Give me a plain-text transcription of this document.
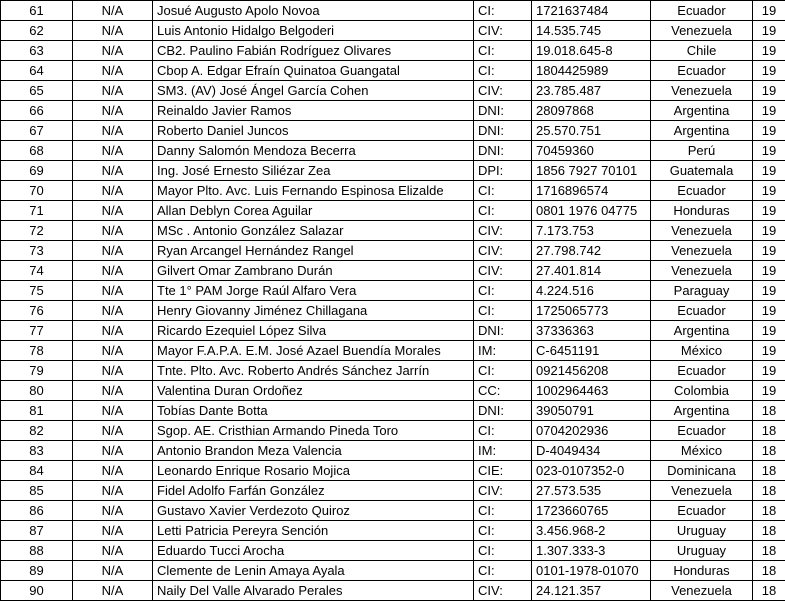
61	N/A	Josué Augusto Apolo Novoa	CI:	1721637484	Ecuador	19
62	N/A	Luis Antonio Hidalgo Belgoderi	CIV:	14.535.745	Venezuela	19
63	N/A	CB2. Paulino Fabián Rodríguez Olivares	CI:	19.018.645-8	Chile	19
64	N/A	Cbop A. Edgar Efraín Quinatoa Guangatal	CI:	1804425989	Ecuador	19
65	N/A	SM3. (AV) José Ángel García Cohen	CIV:	23.785.487	Venezuela	19
66	N/A	Reinaldo Javier Ramos	DNI:	28097868	Argentina	19
67	N/A	Roberto Daniel Juncos	DNI:	25.570.751	Argentina	19
68	N/A	Danny Salomón Mendoza Becerra	DNI:	70459360	Perú	19
69	N/A	Ing. José Ernesto Siliézar Zea	DPI:	1856 7927 70101	Guatemala	19
70	N/A	Mayor Plto. Avc. Luis Fernando Espinosa Elizalde	CI:	1716896574	Ecuador	19
71	N/A	Allan Deblyn Corea Aguilar	CI:	0801 1976 04775	Honduras	19
72	N/A	MSc . Antonio González Salazar	CIV:	7.173.753	Venezuela	19
73	N/A	Ryan Arcangel Hernández Rangel	CIV:	27.798.742	Venezuela	19
74	N/A	Gilvert Omar Zambrano Durán	CIV:	27.401.814	Venezuela	19
75	N/A	Tte 1° PAM Jorge Raúl Alfaro Vera	CI:	4.224.516	Paraguay	19
76	N/A	Henry Giovanny Jiménez Chillagana	CI:	1725065773	Ecuador	19
77	N/A	Ricardo Ezequiel López Silva	DNI:	37336363	Argentina	19
78	N/A	Mayor F.A.P.A. E.M. José Azael Buendía Morales	IM:	C-6451191	México	19
79	N/A	Tnte. Plto. Avc. Roberto Andrés Sánchez Jarrín	CI:	0921456208	Ecuador	19
80	N/A	Valentina Duran Ordoñez	CC:	1002964463	Colombia	19
81	N/A	Tobías Dante Botta	DNI:	39050791	Argentina	18
82	N/A	Sgop. AE. Cristhian Armando Pineda Toro	CI:	0704202936	Ecuador	18
83	N/A	Antonio Brandon Meza Valencia	IM:	D-4049434	México	18
84	N/A	Leonardo Enrique Rosario Mojica	CIE:	023-0107352-0	Dominicana	18
85	N/A	Fidel Adolfo Farfán González	CIV:	27.573.535	Venezuela	18
86	N/A	Gustavo Xavier Verdezoto Quiroz	CI:	1723660765	Ecuador	18
87	N/A	Letti Patricia Pereyra Sención	CI:	3.456.968-2	Uruguay	18
88	N/A	Eduardo Tucci Arocha	CI:	1.307.333-3	Uruguay	18
89	N/A	Clemente de Lenin Amaya Ayala	CI:	0101-1978-01070	Honduras	18
90	N/A	Naily Del Valle Alvarado Perales	CIV:	24.121.357	Venezuela	18
